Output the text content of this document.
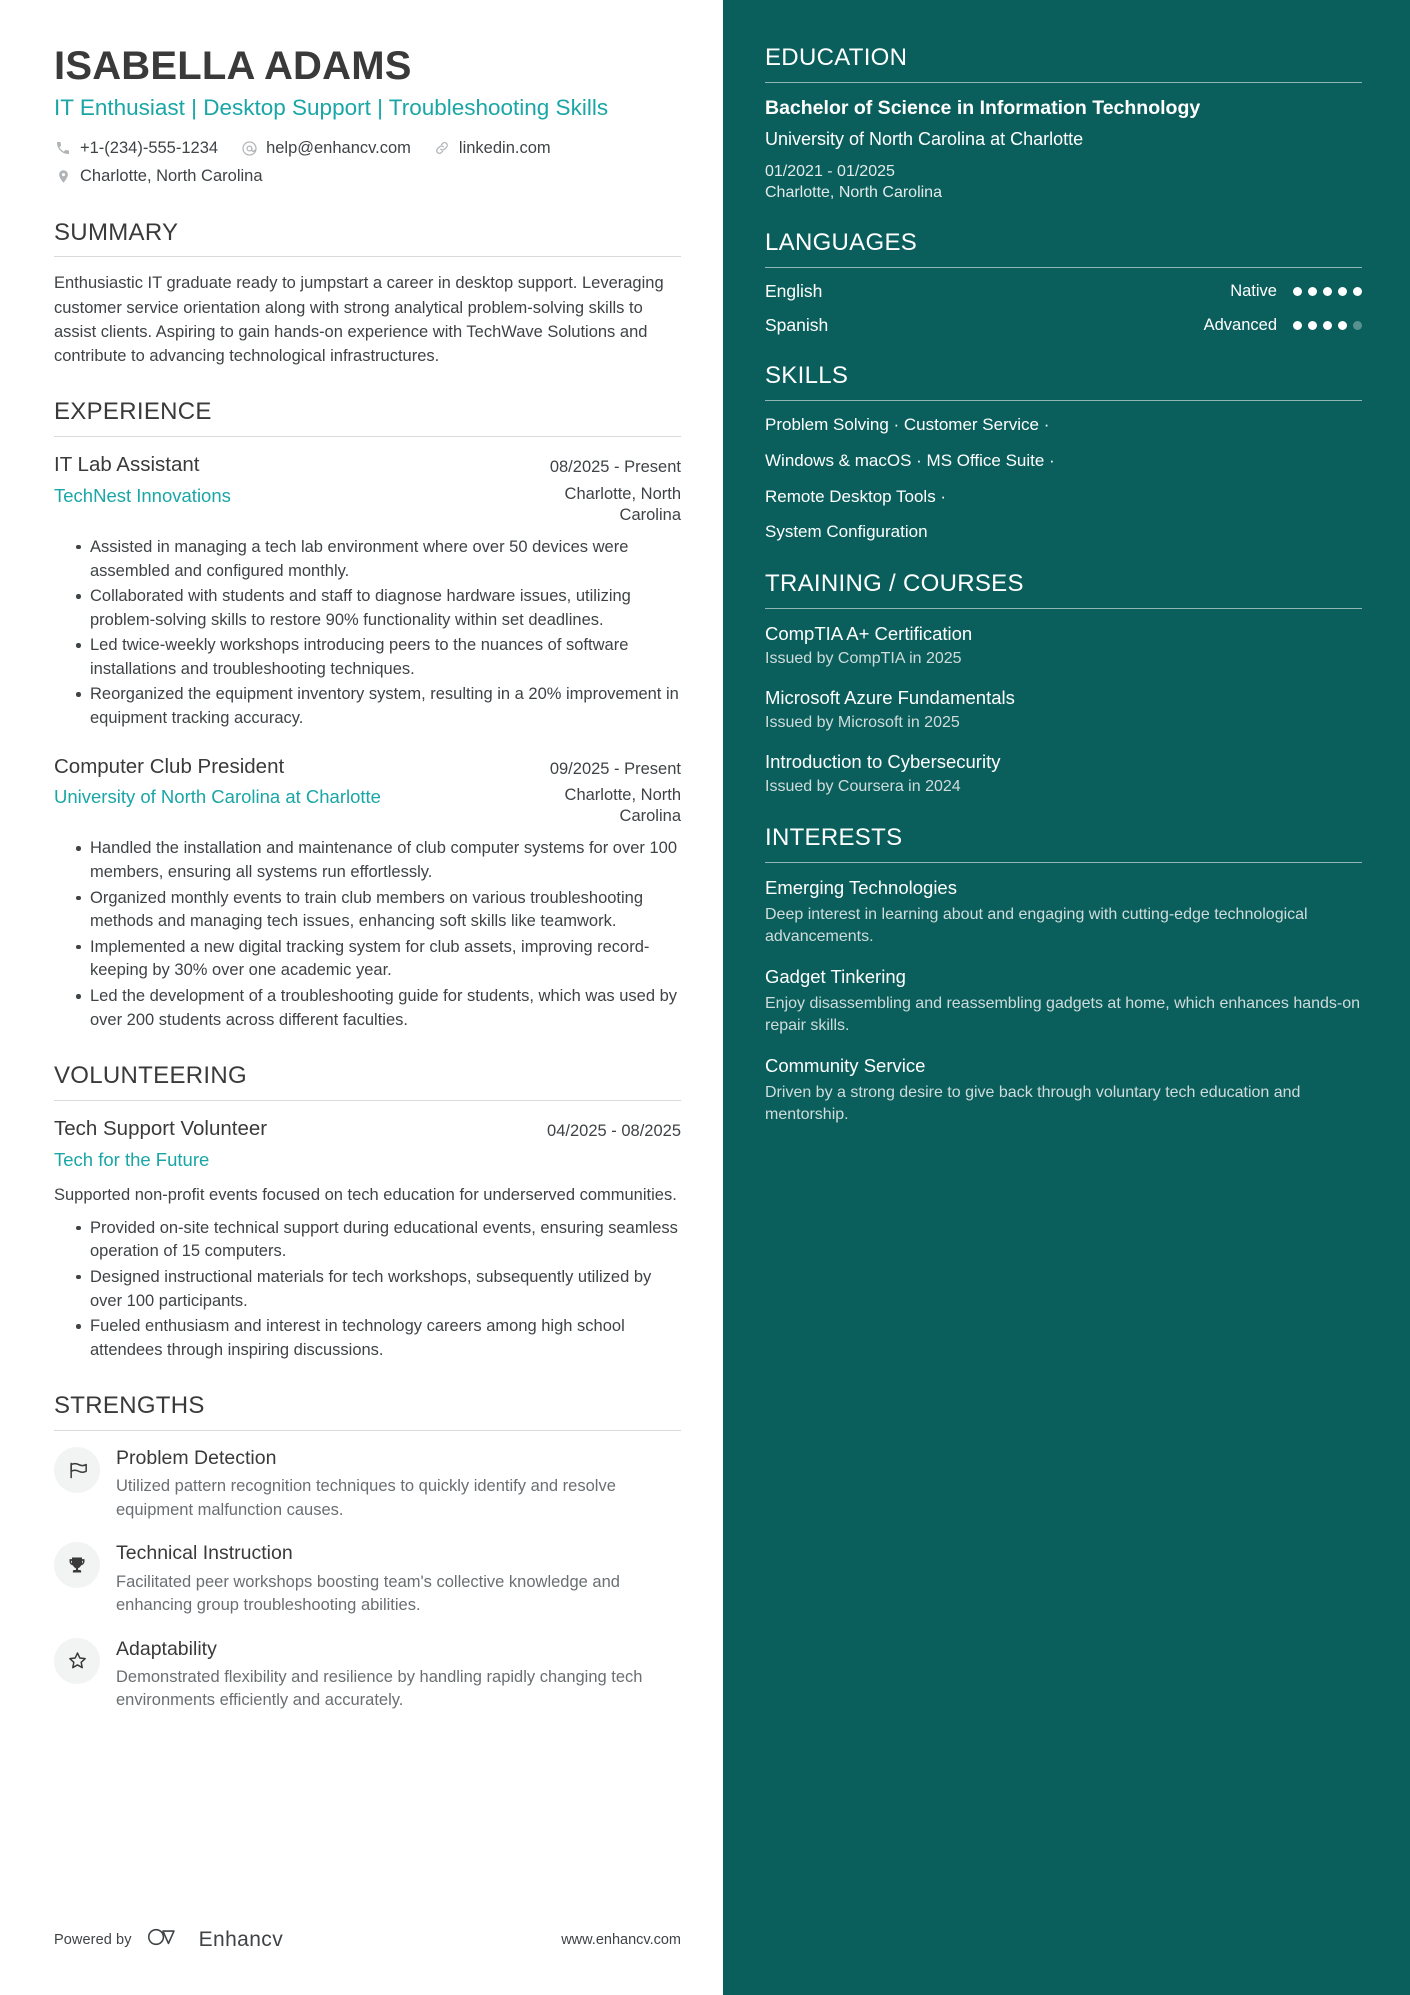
ISABELLA ADAMS
IT Enthusiast | Desktop Support | Troubleshooting Skills
+1-(234)-555-1234	help@enhancv.com	linkedin.com
Charlotte, North Carolina
SUMMARY
Enthusiastic IT graduate ready to jumpstart a career in desktop support. Leveraging customer service orientation along with strong analytical problem-solving skills to assist clients. Aspiring to gain hands-on experience with TechWave Solutions and contribute to advancing technological infrastructures.
EXPERIENCE
IT Lab Assistant	08/2025 - Present
TechNest Innovations	Charlotte, North Carolina
Assisted in managing a tech lab environment where over 50 devices were assembled and configured monthly.
Collaborated with students and staff to diagnose hardware issues, utilizing problem-solving skills to restore 90% functionality within set deadlines.
Led twice-weekly workshops introducing peers to the nuances of software installations and troubleshooting techniques.
Reorganized the equipment inventory system, resulting in a 20% improvement in equipment tracking accuracy.
Computer Club President	09/2025 - Present
University of North Carolina at Charlotte	Charlotte, North Carolina
Handled the installation and maintenance of club computer systems for over 100 members, ensuring all systems run effortlessly.
Organized monthly events to train club members on various troubleshooting methods and managing tech issues, enhancing soft skills like teamwork.
Implemented a new digital tracking system for club assets, improving record-keeping by 30% over one academic year.
Led the development of a troubleshooting guide for students, which was used by over 200 students across different faculties.
VOLUNTEERING
Tech Support Volunteer	04/2025 - 08/2025
Tech for the Future
Supported non-profit events focused on tech education for underserved communities.
Provided on-site technical support during educational events, ensuring seamless operation of 15 computers.
Designed instructional materials for tech workshops, subsequently utilized by over 100 participants.
Fueled enthusiasm and interest in technology careers among high school attendees through inspiring discussions.
STRENGTHS
Problem Detection
Utilized pattern recognition techniques to quickly identify and resolve equipment malfunction causes.
Technical Instruction
Facilitated peer workshops boosting team's collective knowledge and enhancing group troubleshooting abilities.
Adaptability
Demonstrated flexibility and resilience by handling rapidly changing tech environments efficiently and accurately.
Powered by	Enhancv	www.enhancv.com
EDUCATION
Bachelor of Science in Information Technology
University of North Carolina at Charlotte
01/2021 - 01/2025
Charlotte, North Carolina
LANGUAGES
English	Native
Spanish	Advanced
SKILLS
Problem Solving · Customer Service ·
Windows & macOS · MS Office Suite ·
Remote Desktop Tools ·
System Configuration
TRAINING / COURSES
CompTIA A+ Certification
Issued by CompTIA in 2025
Microsoft Azure Fundamentals
Issued by Microsoft in 2025
Introduction to Cybersecurity
Issued by Coursera in 2024
INTERESTS
Emerging Technologies
Deep interest in learning about and engaging with cutting-edge technological advancements.
Gadget Tinkering
Enjoy disassembling and reassembling gadgets at home, which enhances hands-on repair skills.
Community Service
Driven by a strong desire to give back through voluntary tech education and mentorship.
